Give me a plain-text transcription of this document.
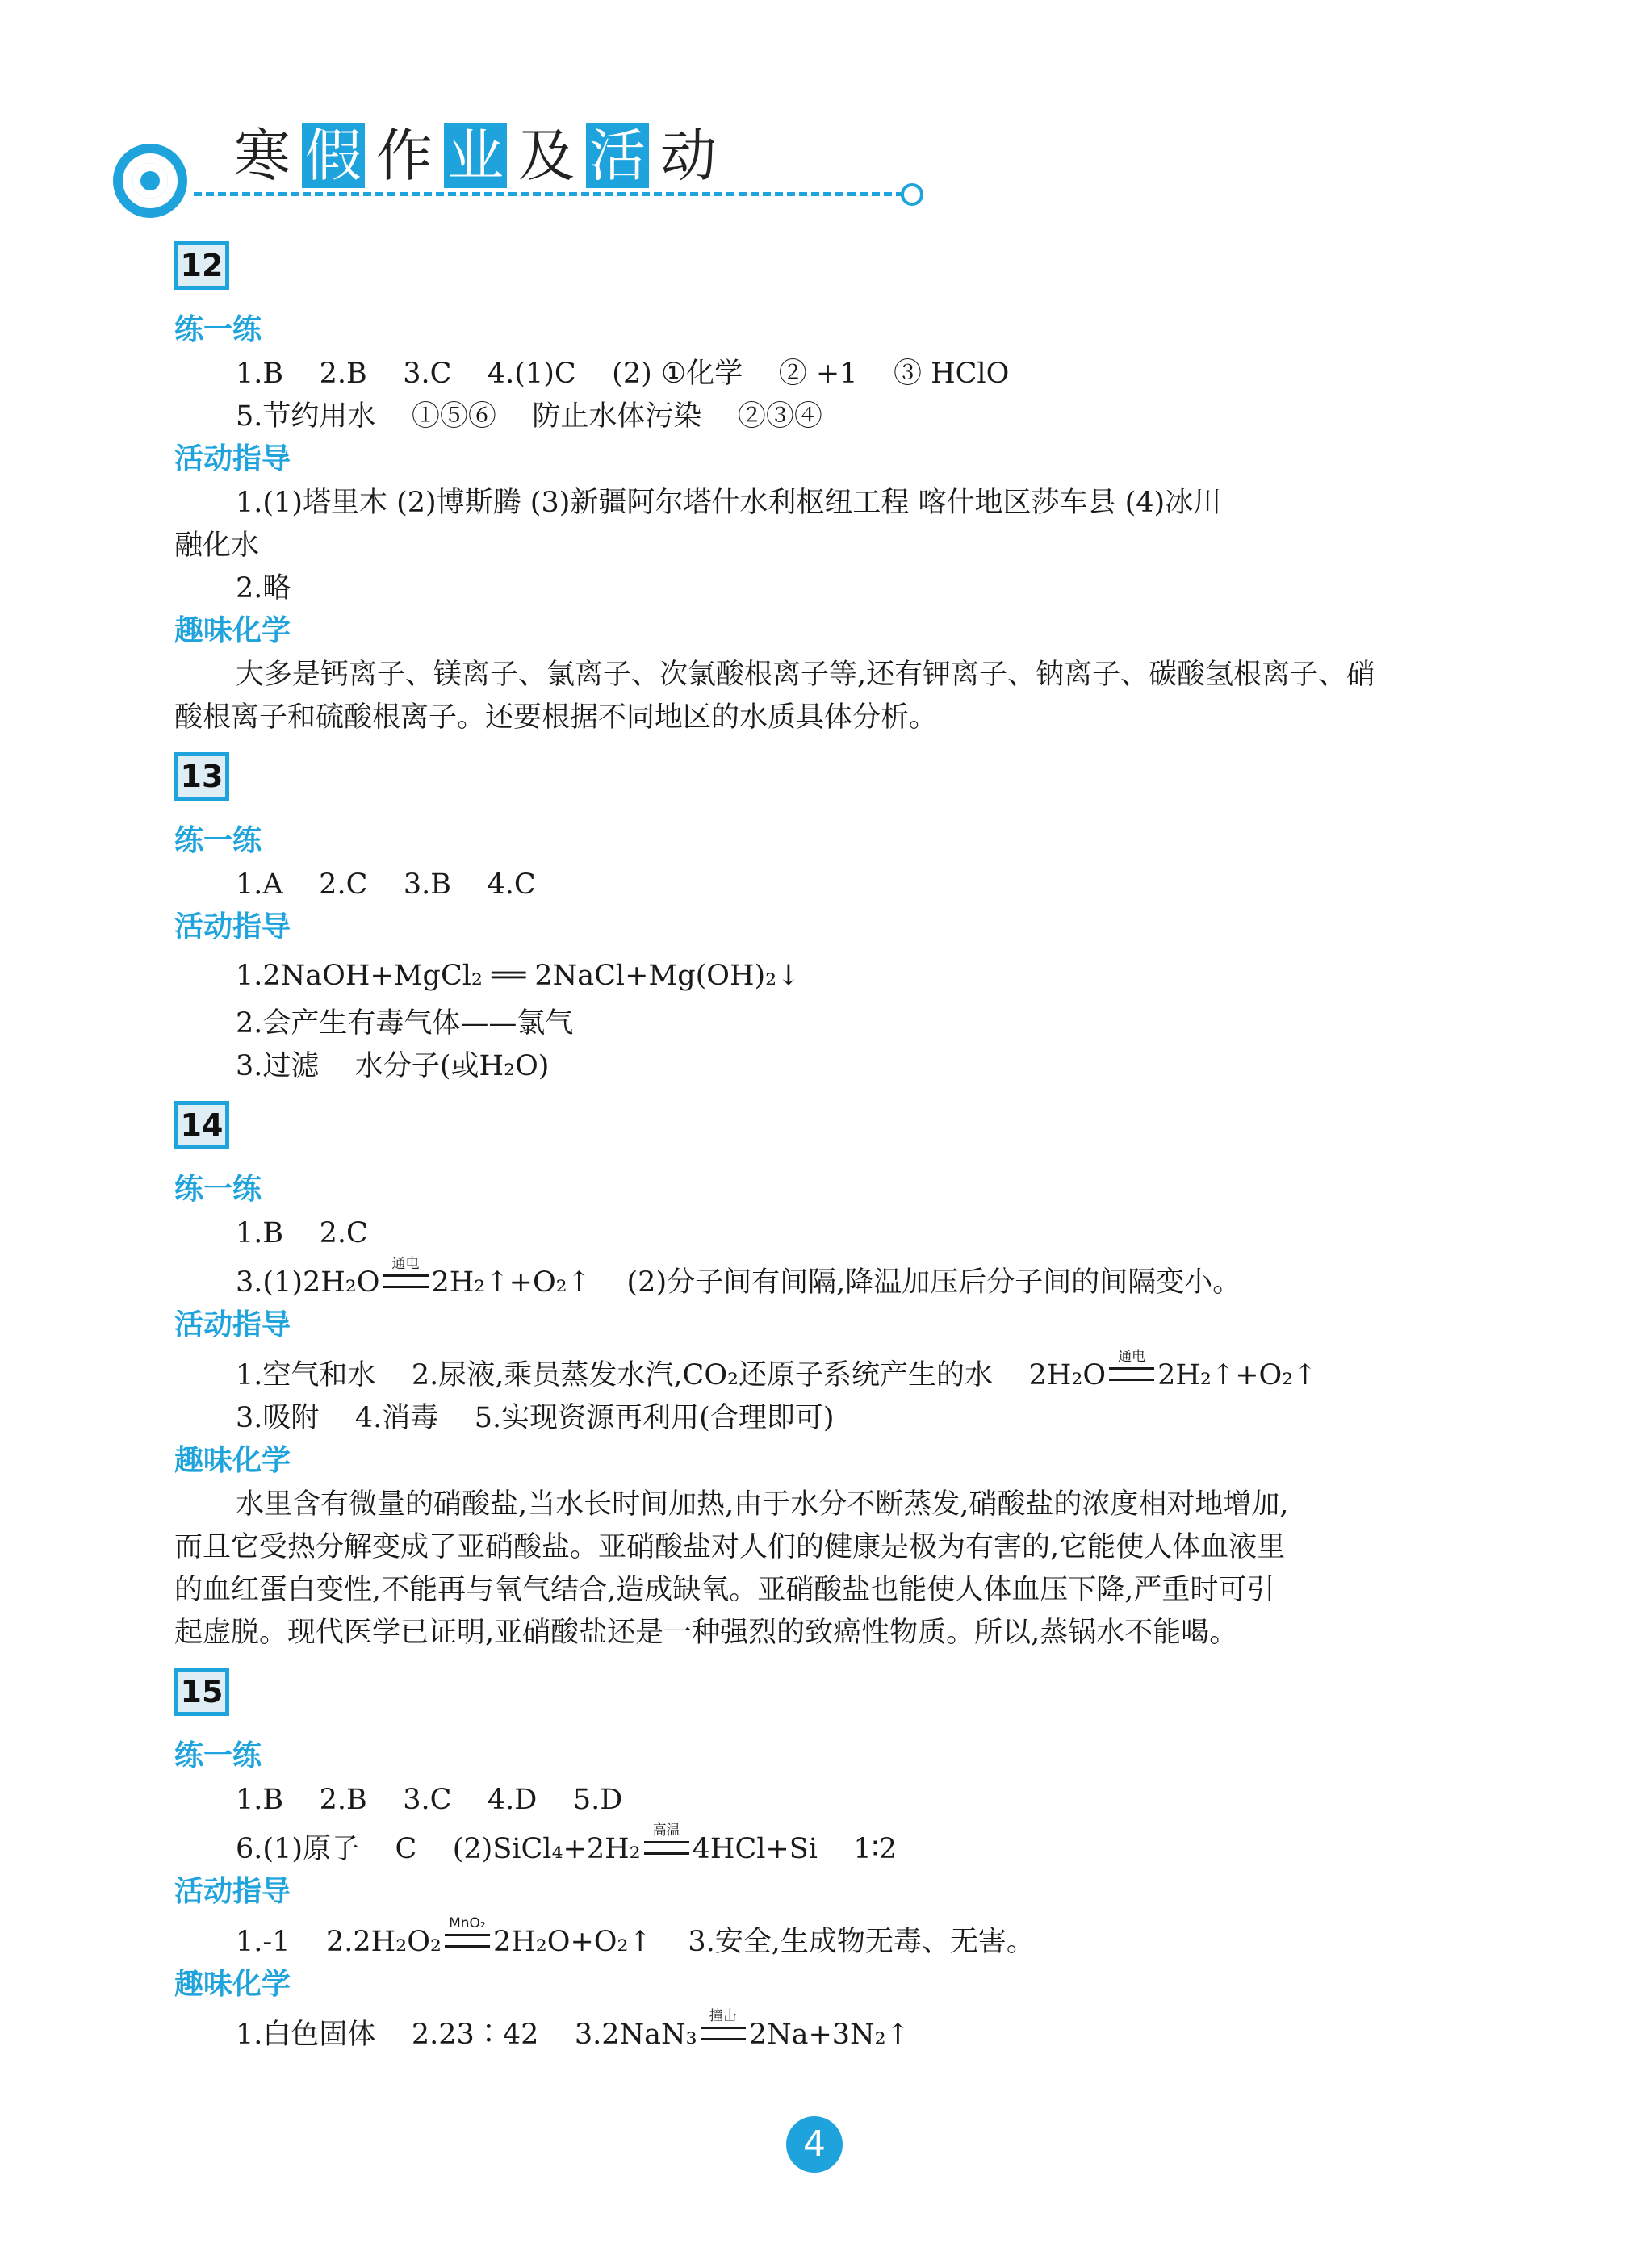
寒 假 作 业 及 活 动
12
练一练
1.B    2.B    3.C    4.(1)C    (2) ①化学    ② +1    ③ HClO
5.节约用水    ①⑤⑥    防止水体污染    ②③④
活动指导
1.(1)塔里木 (2)博斯腾 (3)新疆阿尔塔什水利枢纽工程 喀什地区莎车县 (4)冰川
融化水
2.略
趣味化学
大多是钙离子、镁离子、氯离子、次氯酸根离子等,还有钾离子、钠离子、碳酸氢根离子、硝
酸根离子和硫酸根离子。还要根据不同地区的水质具体分析。
13
练一练
1.A    2.C    3.B    4.C
活动指导
1.2NaOH+MgCl₂ ══ 2NaCl+Mg(OH)₂↓
2.会产生有毒气体——氯气
3.过滤    水分子(或H₂O)
14
练一练
1.B    2.C
3.(1)2H₂O
通电
2H₂↑+O₂↑    (2)分子间有间隔,降温加压后分子间的间隔变小。
活动指导
1.空气和水    2.尿液,乘员蒸发水汽,CO₂还原子系统产生的水    2H₂O
通电
2H₂↑+O₂↑
3.吸附    4.消毒    5.实现资源再利用(合理即可)
趣味化学
水里含有微量的硝酸盐,当水长时间加热,由于水分不断蒸发,硝酸盐的浓度相对地增加,
而且它受热分解变成了亚硝酸盐。亚硝酸盐对人们的健康是极为有害的,它能使人体血液里
的血红蛋白变性,不能再与氧气结合,造成缺氧。亚硝酸盐也能使人体血压下降,严重时可引
起虚脱。现代医学已证明,亚硝酸盐还是一种强烈的致癌性物质。所以,蒸锅水不能喝。
15
练一练
1.B    2.B    3.C    4.D    5.D
6.(1)原子    C    (2)SiCl₄+2H₂
高温
4HCl+Si    1∶2
活动指导
1.-1    2.2H₂O₂
MnO₂
2H₂O+O₂↑    3.安全,生成物无毒、无害。
趣味化学
1.白色固体    2.23∶42    3.2NaN₃
撞击
2Na+3N₂↑
4
